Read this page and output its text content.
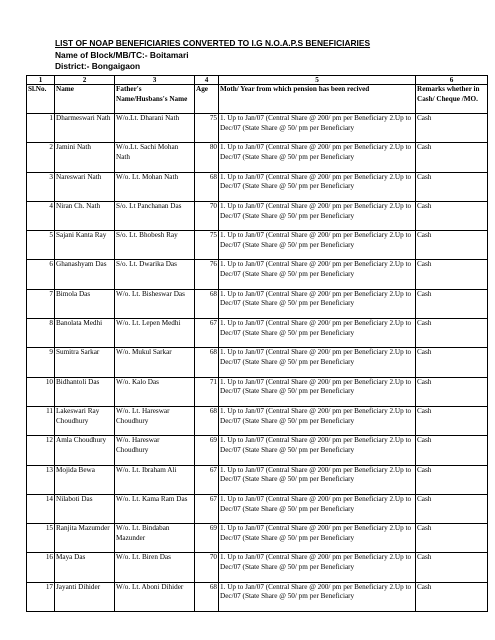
LIST OF NOAP BENEFICIARIES CONVERTED TO I.G N.O.A.P.S BENEFICIARIES
Name of Block/MB/TC:- Boitamari
District:- Bongaigaon
1	2	3	4	5	6
Sl.No.	Name	Father's Name/Husbans's Name	Age	Moth/ Year from which pension has been recived	Remarks whether in Cash/ Cheque /MO.
1	Dharmeswari Nath	W/o.Lt. Dharani Nath	75	1. Up to Jan/07 (Central Share @ 200/ pm per Beneficiary 2.Up to Dec/07 (State Share @ 50/ pm per Beneficiary	Cash
2	Jamini Nath	W/o.Lt. Sachi Mohan Nath	80	1. Up to Jan/07 (Central Share @ 200/ pm per Beneficiary 2.Up to Dec/07 (State Share @ 50/ pm per Beneficiary	Cash
3	Nareswari Nath	W/o. Lt. Mohan Nath	68	1. Up to Jan/07 (Central Share @ 200/ pm per Beneficiary 2.Up to Dec/07 (State Share @ 50/ pm per Beneficiary	Cash
4	Niran Ch. Nath	S/o. Lt Panchanan Das	70	1. Up to Jan/07 (Central Share @ 200/ pm per Beneficiary 2.Up to Dec/07 (State Share @ 50/ pm per Beneficiary	Cash
5	Sajani Kanta Ray	S/o. Lt. Bhobesh Ray	75	1. Up to Jan/07 (Central Share @ 200/ pm per Beneficiary 2.Up to Dec/07 (State Share @ 50/ pm per Beneficiary	Cash
6	Ghanashyam Das	S/o. Lt. Dwarika Das	76	1. Up to Jan/07 (Central Share @ 200/ pm per Beneficiary 2.Up to Dec/07 (State Share @ 50/ pm per Beneficiary	Cash
7	Bimola Das	W/o. Lt. Bisheswar Das	68	1. Up to Jan/07 (Central Share @ 200/ pm per Beneficiary 2.Up to Dec/07 (State Share @ 50/ pm per Beneficiary	Cash
8	Banolata Medhi	W/o. Lt. Lepen Medhi	67	1. Up to Jan/07 (Central Share @ 200/ pm per Beneficiary 2.Up to Dec/07 (State Share @ 50/ pm per Beneficiary	Cash
9	Sumitra Sarkar	W/o. Mukul Sarkar	68	1. Up to Jan/07 (Central Share @ 200/ pm per Beneficiary 2.Up to Dec/07 (State Share @ 50/ pm per Beneficiary	Cash
10	Bidhantoli Das	W/o. Kalo Das	71	1. Up to Jan/07 (Central Share @ 200/ pm per Beneficiary 2.Up to Dec/07 (State Share @ 50/ pm per Beneficiary	Cash
11	Lakeswari Ray Choudhury	W/o. Lt. Hareswar Choudhury	68	1. Up to Jan/07 (Central Share @ 200/ pm per Beneficiary 2.Up to Dec/07 (State Share @ 50/ pm per Beneficiary	Cash
12	Amla Choudhury	W/o. Hareswar Choudhury	69	1. Up to Jan/07 (Central Share @ 200/ pm per Beneficiary 2.Up to Dec/07 (State Share @ 50/ pm per Beneficiary	Cash
13	Mojida Bewa	W/o. Lt. Ibraham Ali	67	1. Up to Jan/07 (Central Share @ 200/ pm per Beneficiary 2.Up to Dec/07 (State Share @ 50/ pm per Beneficiary	Cash
14	Nilaboti Das	W/o. Lt. Kama Ram Das	67	1. Up to Jan/07 (Central Share @ 200/ pm per Beneficiary 2.Up to Dec/07 (State Share @ 50/ pm per Beneficiary	Cash
15	Ranjita Mazumder	W/o. Lt. Bindaban Mazunder	69	1. Up to Jan/07 (Central Share @ 200/ pm per Beneficiary 2.Up to Dec/07 (State Share @ 50/ pm per Beneficiary	Cash
16	Maya Das	W/o. Lt. Biren Das	70	1. Up to Jan/07 (Central Share @ 200/ pm per Beneficiary 2.Up to Dec/07 (State Share @ 50/ pm per Beneficiary	Cash
17	Jayanti Dihider	W/o. Lt. Aboni Dihider	68	1. Up to Jan/07 (Central Share @ 200/ pm per Beneficiary 2.Up to Dec/07 (State Share @ 50/ pm per Beneficiary	Cash
